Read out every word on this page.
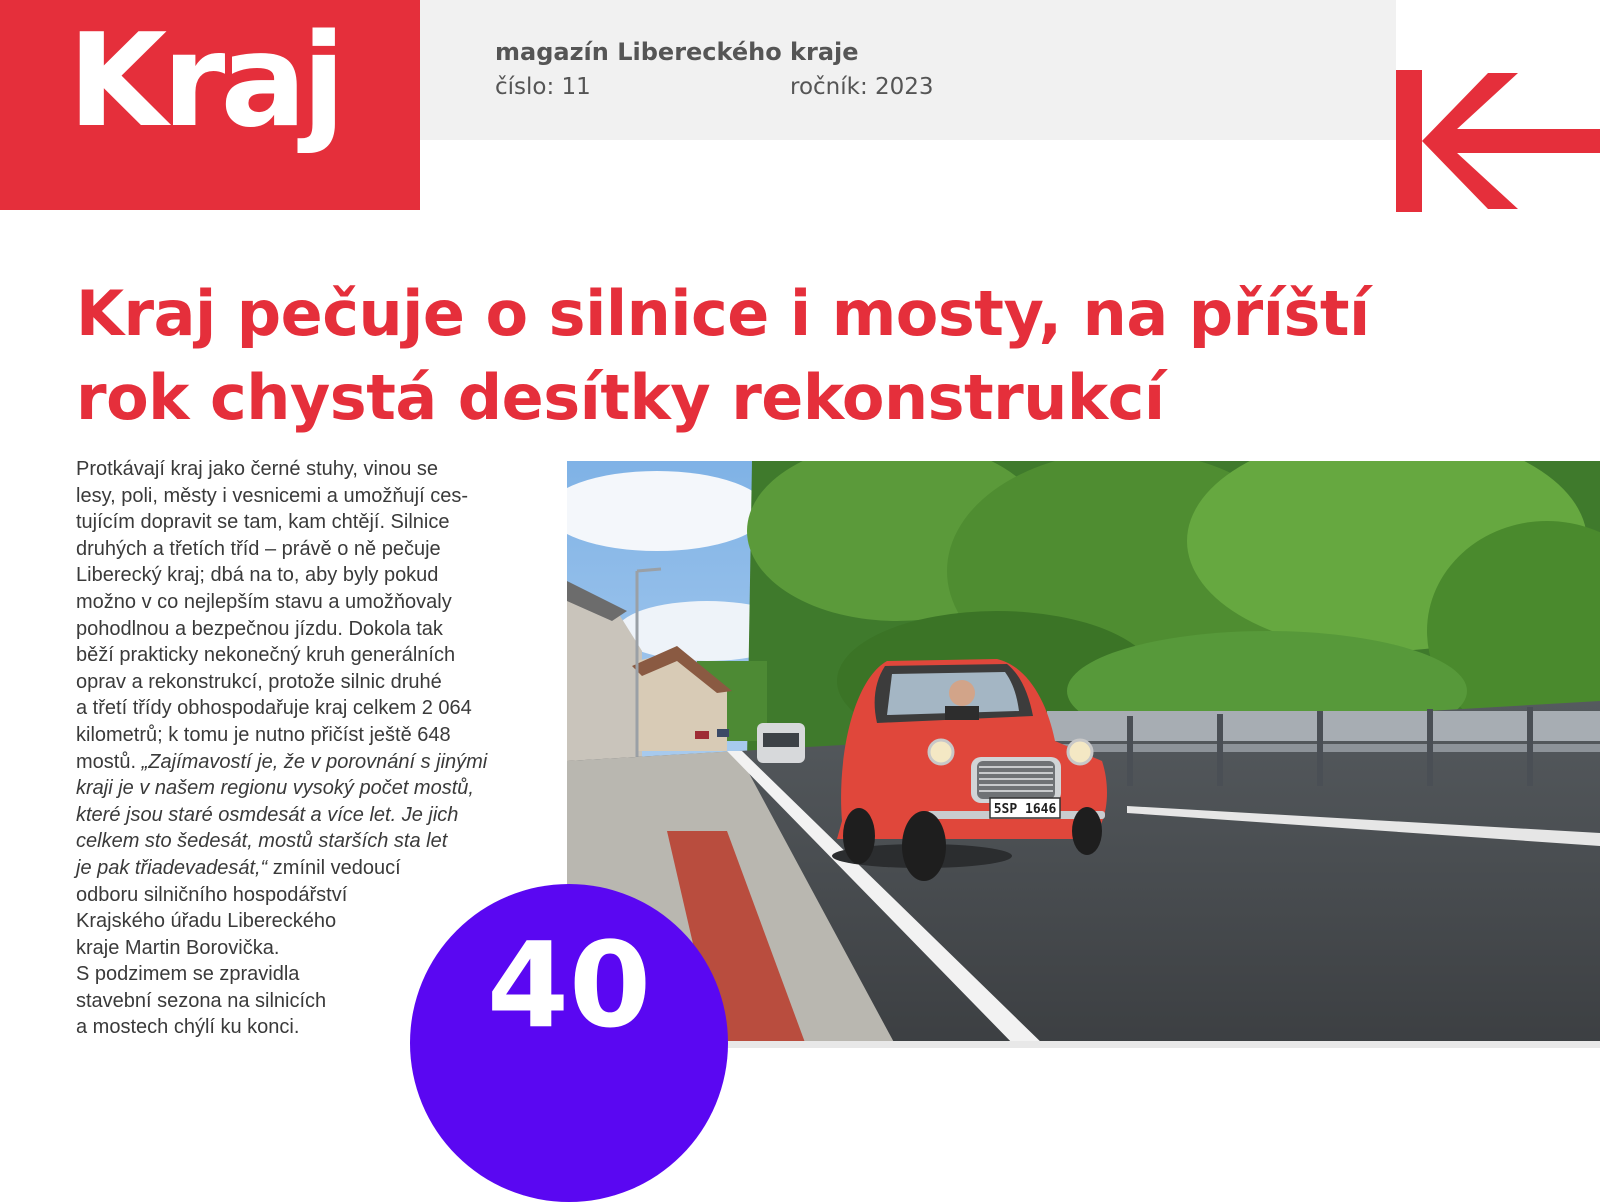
Kraj	magazín Libereckého kraje
číslo: 11	ročník: 2023
Kraj pečuje o silnice i mosty, na příští
rok chystá desítky rekonstrukcí
Protkávají kraj jako černé stuhy, vinou se
lesy, poli, městy i vesnicemi a umožňují ces-
tujícím dopravit se tam, kam chtějí. Silnice
druhých a třetích tříd – právě o ně pečuje
Liberecký kraj; dbá na to, aby byly pokud
možno v co nejlepším stavu a umožňovaly
pohodlnou a bezpečnou jízdu. Dokola tak
běží prakticky nekonečný kruh generálních
oprav a rekonstrukcí, protože silnic druhé
a třetí třídy obhospodařuje kraj celkem 2 064
kilometrů; k tomu je nutno přičíst ještě 648
mostů. „Zajímavostí je, že v porovnání s jinými
kraji je v našem regionu vysoký počet mostů,
které jsou staré osmdesát a více let. Je jich
celkem sto šedesát, mostů starších sta let
je pak třiadevadesát,“ zmínil vedoucí
odboru silničního hospodářství
Krajského úřadu Libereckého
kraje Martin Borovička.
S podzimem se zpravidla
stavební sezona na silnicích
a mostech chýlí ku konci.
5SP 1646
40
